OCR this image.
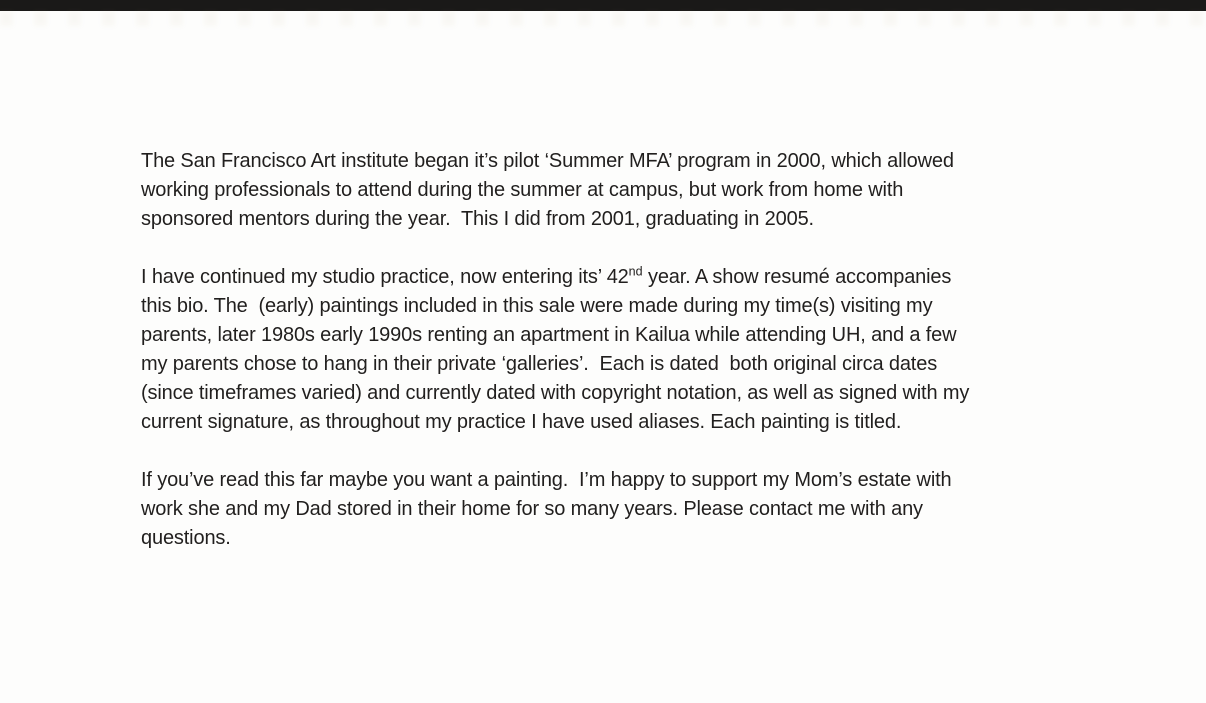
The San Francisco Art institute began it’s pilot ‘Summer MFA’ program in 2000, which allowed
working professionals to attend during the summer at campus, but work from home with
sponsored mentors during the year.  This I did from 2001, graduating in 2005.
I have continued my studio practice, now entering its’ 42nd year. A show resumé accompanies
this bio. The  (early) paintings included in this sale were made during my time(s) visiting my
parents, later 1980s early 1990s renting an apartment in Kailua while attending UH, and a few
my parents chose to hang in their private ‘galleries’.  Each is dated  both original circa dates
(since timeframes varied) and currently dated with copyright notation, as well as signed with my
current signature, as throughout my practice I have used aliases. Each painting is titled.
If you’ve read this far maybe you want a painting.  I’m happy to support my Mom’s estate with
work she and my Dad stored in their home for so many years. Please contact me with any
questions.
